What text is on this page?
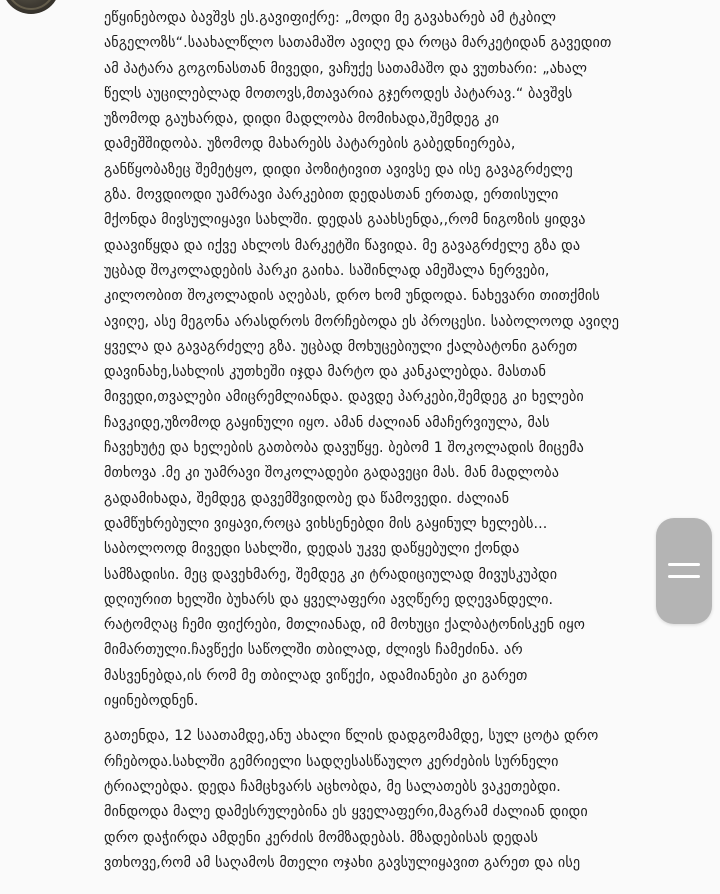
ეწყინებოდა ბავშვს ეს.გავიფიქრე: „მოდი მე გავახარებ ამ ტკბილ
ანგელოზს“.საახალწლო სათამაშო ავიღე და როცა მარკეტიდან გავედით
ამ პატარა გოგონასთან მივედი, ვაჩუქე სათამაშო და ვუთხარი: „ახალ
წელს აუცილებლად მოთოვს,მთავარია გჯეროდეს პატარავ.“ ბავშვს
უზომოდ გაუხარდა, დიდი მადლობა მომიხადა,შემდეგ კი
დამეშშიდობა. უზომოდ მახარებს პატარების გაბედნიერება,
განწყობაზეც შემეტყო, დიდი პოზიტივით ავივსე და ისე გავაგრძელე
გზა. მოვდიოდი უამრავი პარკებით დედასთან ერთად, ერთისული
მქონდა მივსულიყავი სახლში. დედას გაახსენდა,,რომ ნიგოზის ყიდვა
დაავიწყდა და იქვე ახლოს მარკეტში წავიდა. მე გავაგრძელე გზა და
უცბად შოკოლადების პარკი გაიხა. საშინლად ამეშალა ნერვები,
კილოობით შოკოლადის აღებას, დრო ხომ უნდოდა. ნახევარი თითქმის
ავიღე, ასე მეგონა არასდროს მორჩებოდა ეს პროცესი. საბოლოოდ ავიღე
ყველა და გავაგრძელე გზა. უცბად მოხუცებიული ქალბატონი გარეთ
დავინახე,სახლის კუთხეში იჯდა მარტო და კანკალებდა. მასთან
მივედი,თვალები ამიცრემლიანდა. დავდე პარკები,შემდეგ კი ხელები
ჩავკიდე,უზომოდ გაყინული იყო. ამან ძალიან ამაჩერვიულა, მას
ჩავეხუტე და ხელების გათბობა დავუწყე. ბებომ 1 შოკოლადის მიცემა
მთხოვა .მე კი უამრავი შოკოლადები გადავეცი მას. მან მადლობა
გადამიხადა, შემდეგ დავემშვიდობე და წამოვედი. ძალიან
დამწუხრებული ვიყავი,როცა ვიხსენებდი მის გაყინულ ხელებს...
საბოლოოდ მივედი სახლში, დედას უკვე დაწყებული ქონდა
სამზადისი. მეც დავეხმარე, შემდეგ კი ტრადიციულად მივუსკუპდი
დღიურით ხელში ბუხარს და ყველაფერი ავღწერე დღევანდელი.
რატომღაც ჩემი ფიქრები, მთლიანად, იმ მოხუცი ქალბატონისკენ იყო
მიმართული.ჩავწექი საწოლში თბილად, ძლივს ჩამეძინა. არ
მასვენებდა,ის რომ მე თბილად ვიწექი, ადამიანები კი გარეთ
იყინებოდნენ.
გათენდა, 12 საათამდე,ანუ ახალი წლის დადგომამდე, სულ ცოტა დრო
რჩებოდა.სახლში გემრიელი სადღესასწაულო კერძების სურნელი
ტრიალებდა. დედა ჩამცხვარს აცხობდა, მე სალათებს ვაკეთებდი.
მინდოდა მალე დამესრულებინა ეს ყველაფერი,მაგრამ ძალიან დიდი
დრო დაჭირდა ამდენი კერძის მომზადებას. მზადებისას დედას
ვთხოვე,რომ ამ საღამოს მთელი ოჯახი გავსულიყავით გარეთ და ისე
